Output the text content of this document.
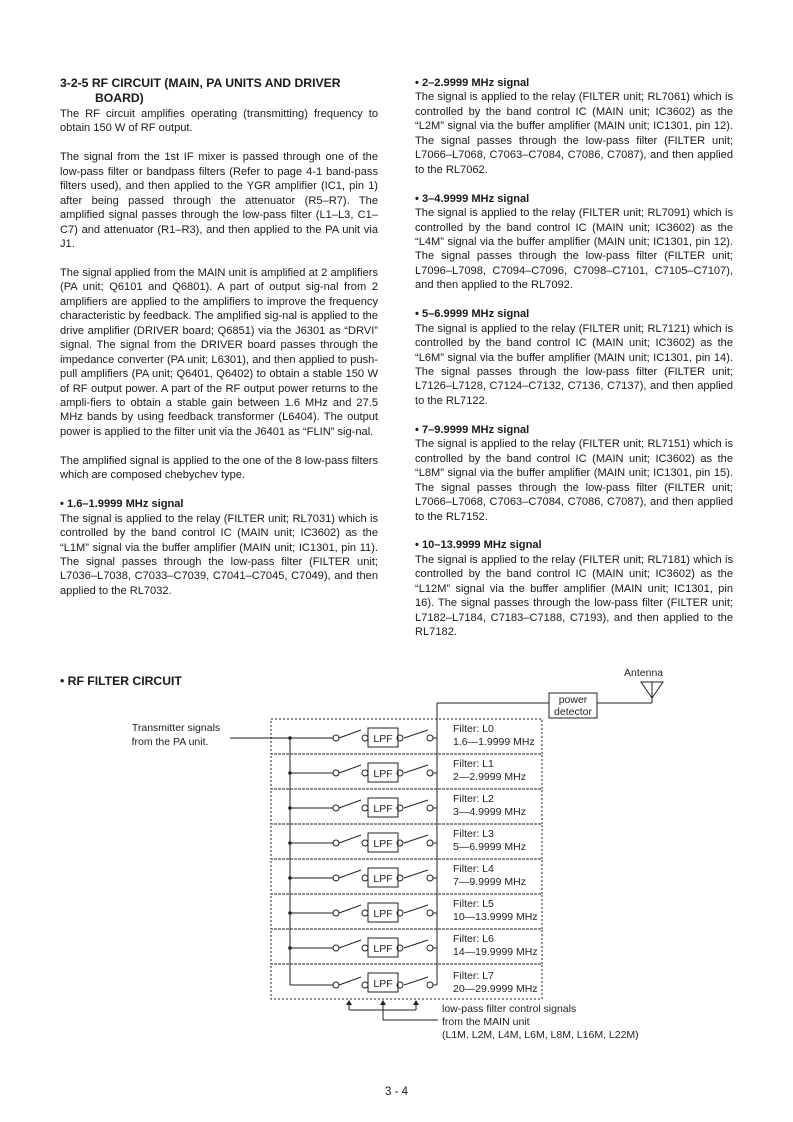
3-2-5 RF CIRCUIT (MAIN, PA UNITS AND DRIVER BOARD)

The RF circuit amplifies operating (transmitting) frequency to obtain 150 W of RF output.

The signal from the 1st IF mixer is passed through one of the low-pass filter or bandpass filters (Refer to page 4-1 band-pass filters used), and then applied to the YGR amplifier (IC1, pin 1) after being passed through the attenuator (R5–R7). The amplified signal passes through the low-pass filter (L1–L3, C1–C7) and attenuator (R1–R3), and then applied to the PA unit via J1.

The signal applied from the MAIN unit is amplified at 2 amplifiers (PA unit; Q6101 and Q6801). A part of output sig-nal from 2 amplifiers are applied to the amplifiers to improve the frequency characteristic by feedback. The amplified sig-nal is applied to the drive amplifier (DRIVER board; Q6851) via the J6301 as “DRVI” signal. The signal from the DRIVER board passes through the impedance converter (PA unit; L6301), and then applied to push-pull amplifiers (PA unit; Q6401, Q6402) to obtain a stable 150 W of RF output power. A part of the RF output power returns to the ampli-fiers to obtain a stable gain between 1.6 MHz and 27.5 MHz bands by using feedback transformer (L6404). The output power is applied to the filter unit via the J6401 as “FLIN” sig-nal.

The amplified signal is applied to the one of the 8 low-pass filters which are composed chebychev type.

• 1.6–1.9999 MHz signal

The signal is applied to the relay (FILTER unit; RL7031) which is controlled by the band control IC (MAIN unit; IC3602) as the “L1M” signal via the buffer amplifier (MAIN unit; IC1301, pin 11). The signal passes through the low-pass filter (FILTER unit; L7036–L7038, C7033–C7039, C7041–C7045, C7049), and then applied to the RL7032.

• 2–2.9999 MHz signal

The signal is applied to the relay (FILTER unit; RL7061) which is controlled by the band control IC (MAIN unit; IC3602) as the “L2M” signal via the buffer amplifier (MAIN unit; IC1301, pin 12). The signal passes through the low-pass filter (FILTER unit; L7066–L7068, C7063–C7084, C7086, C7087), and then applied to the RL7062.

• 3–4.9999 MHz signal

The signal is applied to the relay (FILTER unit; RL7091) which is controlled by the band control IC (MAIN unit; IC3602) as the “L4M” signal via the buffer amplifier (MAIN unit; IC1301, pin 12). The signal passes through the low-pass filter (FILTER unit; L7096–L7098, C7094–C7096, C7098–C7101, C7105–C7107), and then applied to the RL7092.

• 5–6.9999 MHz signal

The signal is applied to the relay (FILTER unit; RL7121) which is controlled by the band control IC (MAIN unit; IC3602) as the “L6M” signal via the buffer amplifier (MAIN unit; IC1301, pin 14). The signal passes through the low-pass filter (FILTER unit; L7126–L7128, C7124–C7132, C7136, C7137), and then applied to the RL7122.

• 7–9.9999 MHz signal

The signal is applied to the relay (FILTER unit; RL7151) which is controlled by the band control IC (MAIN unit; IC3602) as the “L8M” signal via the buffer amplifier (MAIN unit; IC1301, pin 15). The signal passes through the low-pass filter (FILTER unit; L7066–L7068, C7063–C7084, C7086, C7087), and then applied to the RL7152.

• 10–13.9999 MHz signal

The signal is applied to the relay (FILTER unit; RL7181) which is controlled by the band control IC (MAIN unit; IC3602) as the “L12M” signal via the buffer amplifier (MAIN unit; IC1301, pin 16). The signal passes through the low-pass filter (FILTER unit; L7182–L7184, C7183–C7188, C7193), and then applied to the RL7182.

• RF FILTER CIRCUIT
Antenna
power
detector
Transmitter signals
from the PA unit.	LPF
Filter: L0
1.6—1.9999 MHz
LPF
Filter: L1
2—2.9999 MHz
LPF
Filter: L2
3—4.9999 MHz
LPF
Filter: L3
5—6.9999 MHz
LPF
Filter: L4
7—9.9999 MHz
LPF
Filter: L5
10—13.9999 MHz
LPF
Filter: L6
14—19.9999 MHz
LPF
Filter: L7
20—29.9999 MHz
low-pass filter control signals
from the MAIN unit
(L1M, L2M, L4M, L6M, L8M, L16M, L22M)
3 - 4
